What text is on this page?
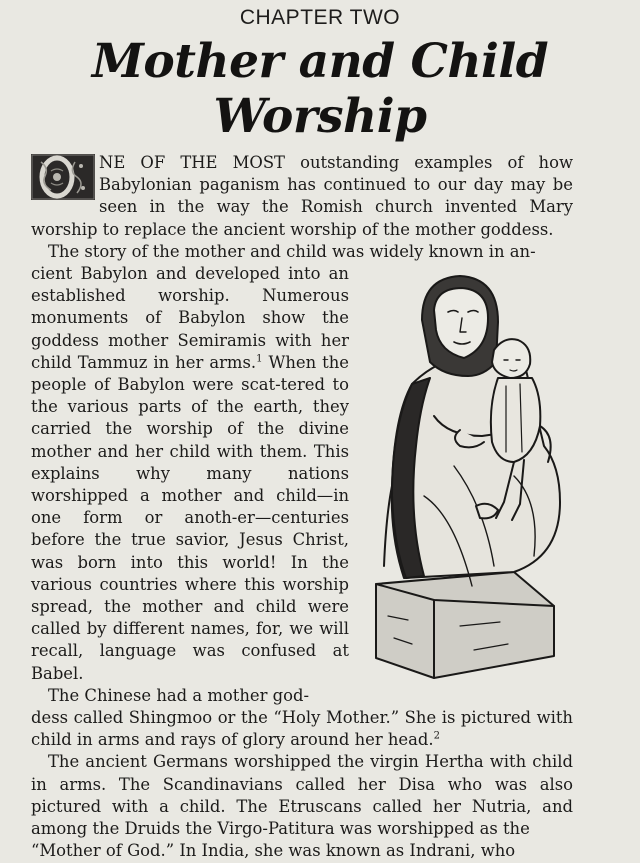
CHAPTER TWO
Mother and Child Worship

NE OF THE MOST outstanding examples of how Babylonian paganism has continued to our day may be seen in the way the Romish church invented Mary worship to replace the ancient worship of the mother goddess.

The story of the mother and child was widely known in an-

cient Babylon and developed into an established worship. Numerous monuments of Babylon show the goddess mother Semiramis with her child Tammuz in her arms.$^1$ When the people of Babylon were scat-tered to the various parts of the earth, they carried the worship of the divine mother and her child with them. This explains why many nations worshipped a mother and child—in one form or anoth-er—centuries before the true savior, Jesus Christ, was born into this world! In the various countries where this worship spread, the mother and child were called by different names, for, we will recall, language was confused at Babel.

The Chinese had a mother god-

dess called Shingmoo or the “Holy Mother.” She is pictured with child in arms and rays of glory around her head.$^2$

The ancient Germans worshipped the virgin Hertha with child in arms. The Scandinavians called her Disa who was also pictured with a child. The Etruscans called her Nutria, and among the Druids the Virgo-Patitura was worshipped as the

“Mother of God.” In India, she was known as Indrani, who
